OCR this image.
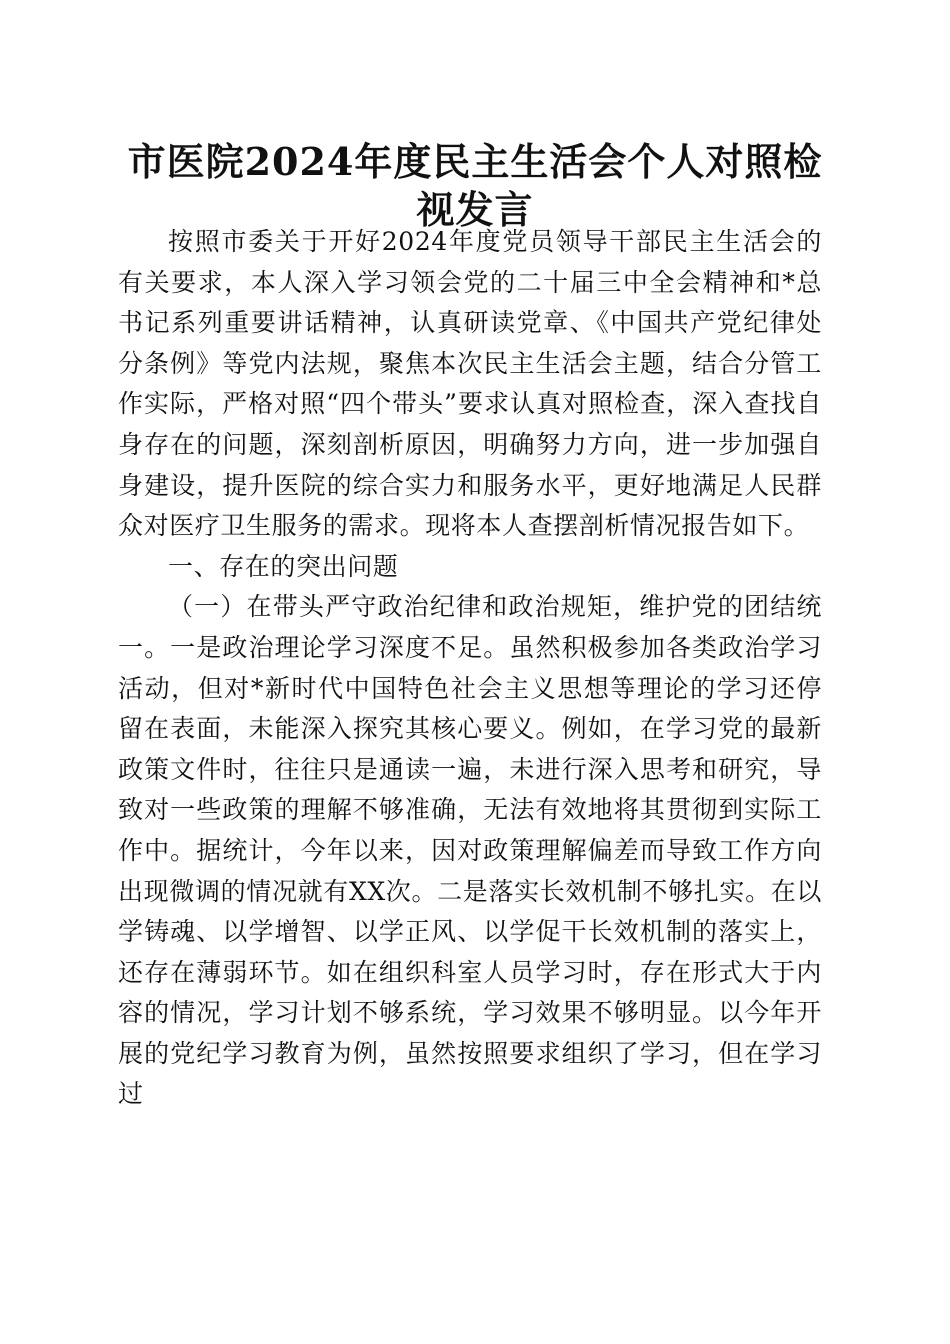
市医院2024年度民主生活会个人对照检视发言

按照市委关于开好2024年度党员领导干部民主生活会的有关要求，本人深入学习领会党的二十届三中全会精神和*总书记系列重要讲话精神，认真研读党章、《中国共产党纪律处分条例》等党内法规，聚焦本次民主生活会主题，结合分管工作实际，严格对照“四个带头”要求认真对照检查，深入查找自身存在的问题，深刻剖析原因，明确努力方向，进一步加强自身建设，提升医院的综合实力和服务水平，更好地满足人民群众对医疗卫生服务的需求。现将本人查摆剖析情况报告如下。

一、存在的突出问题

（一）在带头严守政治纪律和政治规矩，维护党的团结统一。一是政治理论学习深度不足。虽然积极参加各类政治学习活动，但对*新时代中国特色社会主义思想等理论的学习还停留在表面，未能深入探究其核心要义。例如，在学习党的最新政策文件时，往往只是通读一遍，未进行深入思考和研究，导致对一些政策的理解不够准确，无法有效地将其贯彻到实际工作中。据统计，今年以来，因对政策理解偏差而导致工作方向出现微调的情况就有XX次。二是落实长效机制不够扎实。在以学铸魂、以学增智、以学正风、以学促干长效机制的落实上，还存在薄弱环节。如在组织科室人员学习时，存在形式大于内容的情况，学习计划不够系统，学习效果不够明显。以今年开展的党纪学习教育为例，虽然按照要求组织了学习，但在学习过
